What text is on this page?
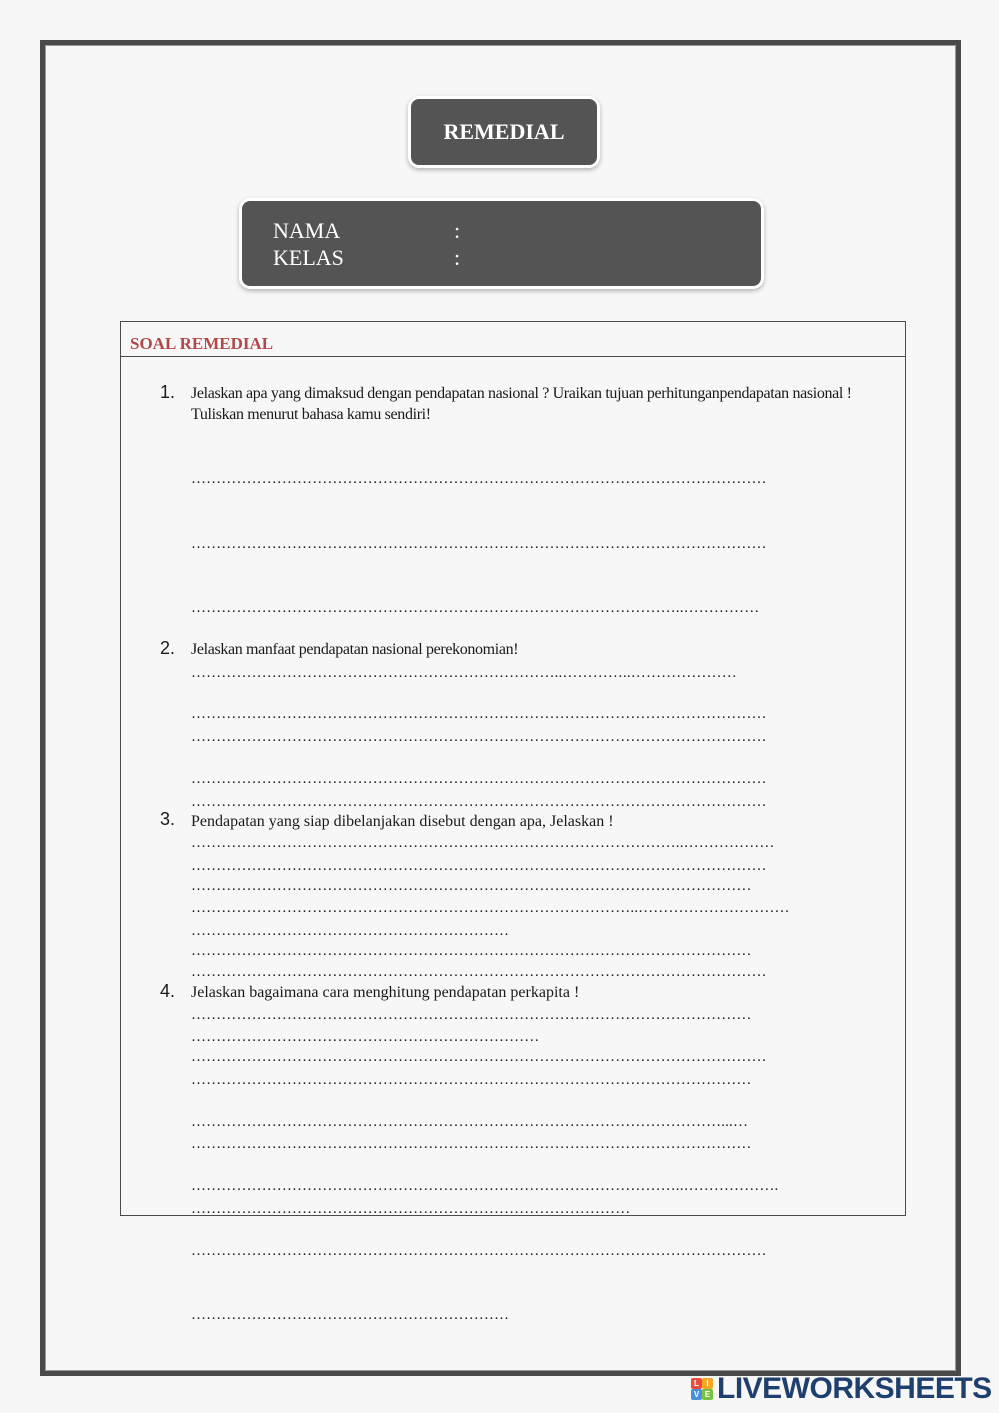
REMEDIAL
NAMA	:
KELAS	:
SOAL REMEDIAL
1. Jelaskan apa yang dimaksud dengan pendapatan nasional ? Uraikan tujuan perhitunganpendapatan nasional ! Tuliskan menurut bahasa kamu sendiri!

……………………………………………………………………………………………………

……………………………………………………………………………………………………

……………………………………………………………………………………..……………

………………………………………………………………..…………..…………………

……………………………………………………………………………………………………

……………………………………………………………………………………………………

……………………………………………………………………………………………………

………………………………………………………

2. Jelaskan manfaat pendapatan nasional perekonomian!

……………………………………………………………………………………………………

……………………………………………………………………………………………………

……………………………………………………………………………………..………………

……………………………………………………………………………..…………………………

……………………………………………………………………………………………………

……………………………………………………………

3. Pendapatan yang siap dibelanjakan disebut dengan apa, Jelaskan !

…………………………………………………………………………………………………

…………………………………………………………………………………………………

…………………………………………………………………………………………………

…………………………………………………………………………………………………

…………………………………………………………………………………………………

……………………………………………………………………………

4. Jelaskan bagaimana cara menghitung pendapatan perkapita !

……………………………………………………………………………………………………

……………………………………………………………………………………………...…

……………………………………………………………………………………..……………….

……………………………………………………………………………………………………

………………………………………………………

L I
V E LIVEWORKSHEETS
